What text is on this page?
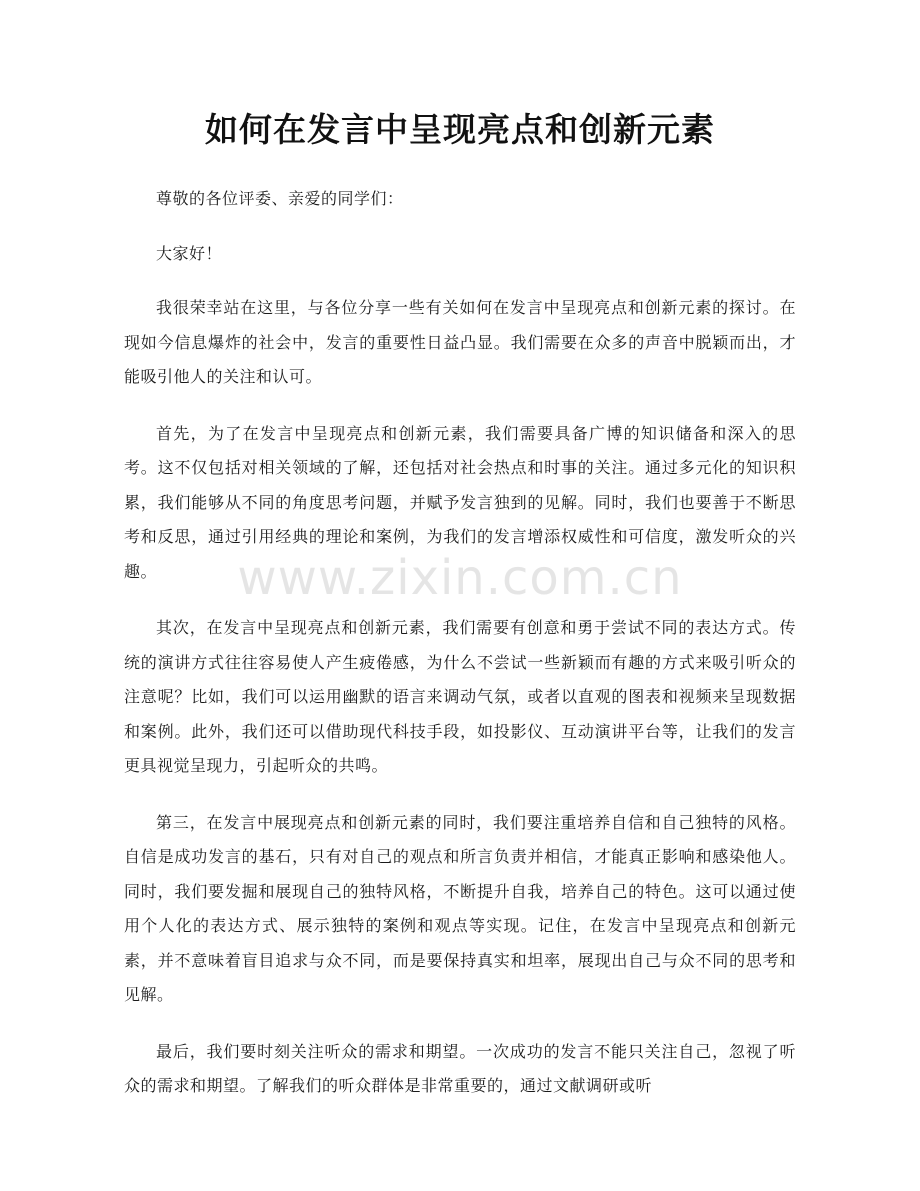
如何在发言中呈现亮点和创新元素
www.zixin.com.cn

尊敬的各位评委、亲爱的同学们：

大家好！

我很荣幸站在这里，与各位分享一些有关如何在发言中呈现亮点和创新元素的探讨。在现如今信息爆炸的社会中，发言的重要性日益凸显。我们需要在众多的声音中脱颖而出，才能吸引他人的关注和认可。

首先，为了在发言中呈现亮点和创新元素，我们需要具备广博的知识储备和深入的思考。这不仅包括对相关领域的了解，还包括对社会热点和时事的关注。通过多元化的知识积累，我们能够从不同的角度思考问题，并赋予发言独到的见解。同时，我们也要善于不断思考和反思，通过引用经典的理论和案例，为我们的发言增添权威性和可信度，激发听众的兴趣。

其次，在发言中呈现亮点和创新元素，我们需要有创意和勇于尝试不同的表达方式。传统的演讲方式往往容易使人产生疲倦感，为什么不尝试一些新颖而有趣的方式来吸引听众的注意呢？比如，我们可以运用幽默的语言来调动气氛，或者以直观的图表和视频来呈现数据和案例。此外，我们还可以借助现代科技手段，如投影仪、互动演讲平台等，让我们的发言更具视觉呈现力，引起听众的共鸣。

第三，在发言中展现亮点和创新元素的同时，我们要注重培养自信和自己独特的风格。自信是成功发言的基石，只有对自己的观点和所言负责并相信，才能真正影响和感染他人。同时，我们要发掘和展现自己的独特风格，不断提升自我，培养自己的特色。这可以通过使用个人化的表达方式、展示独特的案例和观点等实现。记住，在发言中呈现亮点和创新元素，并不意味着盲目追求与众不同，而是要保持真实和坦率，展现出自己与众不同的思考和见解。

最后，我们要时刻关注听众的需求和期望。一次成功的发言不能只关注自己，忽视了听众的需求和期望。了解我们的听众群体是非常重要的，通过文献调研或听
